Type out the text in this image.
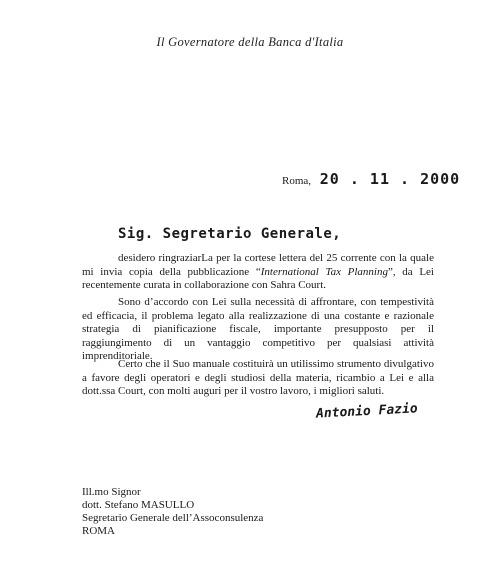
Il Governatore della Banca d'Italia
Roma, 20 . 11 . 2000
Sig. Segretario Generale,
desidero ringraziarLa per la cortese lettera del 25 corrente con la quale mi invia copia della pubblicazione “International Tax Planning”, da Lei recentemente curata in collaborazione con Sahra Court.
Sono d’accordo con Lei sulla necessità di affrontare, con tempestività ed efficacia, il problema legato alla realizzazione di una costante e razionale strategia di pianificazione fiscale, importante presupposto per il raggiungimento di un vantaggio competitivo per qualsiasi attività imprenditoriale.
Certo che il Suo manuale costituirà un utilissimo strumento divulgativo a favore degli operatori e degli studiosi della materia, ricambio a Lei e alla dott.ssa Court, con molti auguri per il vostro lavoro, i migliori saluti.
Antonio Fazio
Ill.mo Signor
dott. Stefano MASULLO
Segretario Generale dell’Assoconsulenza
ROMA
